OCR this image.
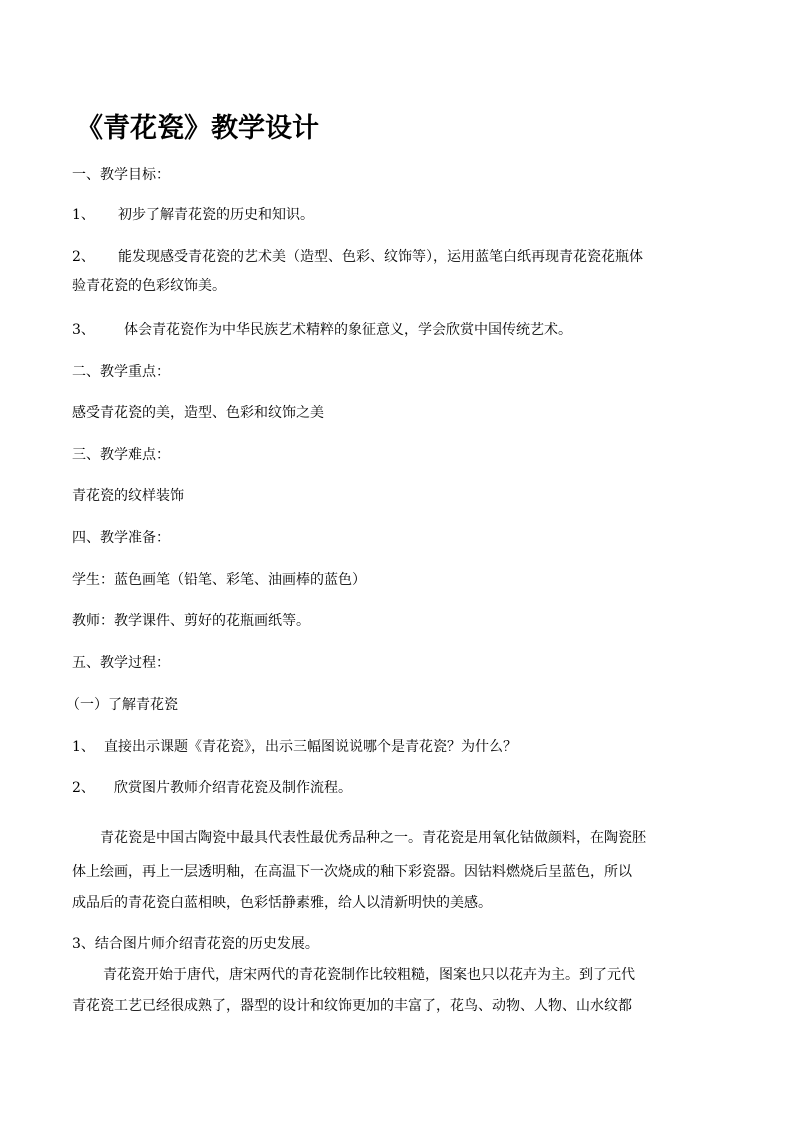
《青花瓷》教学设计
一、教学目标：
1、 初步了解青花瓷的历史和知识。
2、 能发现感受青花瓷的艺术美（造型、色彩、纹饰等），运用蓝笔白纸再现青花瓷花瓶体
验青花瓷的色彩纹饰美。
3、 体会青花瓷作为中华民族艺术精粹的象征意义，学会欣赏中国传统艺术。
二、教学重点：
感受青花瓷的美，造型、色彩和纹饰之美
三、教学难点：
青花瓷的纹样装饰
四、教学准备：
学生：蓝色画笔（铅笔、彩笔、油画棒的蓝色）
教师：教学课件、剪好的花瓶画纸等。
五、教学过程：
（一）了解青花瓷
1、 直接出示课题《青花瓷》，出示三幅图说说哪个是青花瓷？为什么？
2、 欣赏图片教师介绍青花瓷及制作流程。
青花瓷是中国古陶瓷中最具代表性最优秀品种之一。青花瓷是用氧化钴做颜料，在陶瓷胚
体上绘画，再上一层透明釉，在高温下一次烧成的釉下彩瓷器。因钴料燃烧后呈蓝色，所以
成品后的青花瓷白蓝相映，色彩恬静素雅，给人以清新明快的美感。
3、结合图片师介绍青花瓷的历史发展。
青花瓷开始于唐代，唐宋两代的青花瓷制作比较粗糙，图案也只以花卉为主。到了元代
青花瓷工艺已经很成熟了，器型的设计和纹饰更加的丰富了，花鸟、动物、人物、山水纹都
